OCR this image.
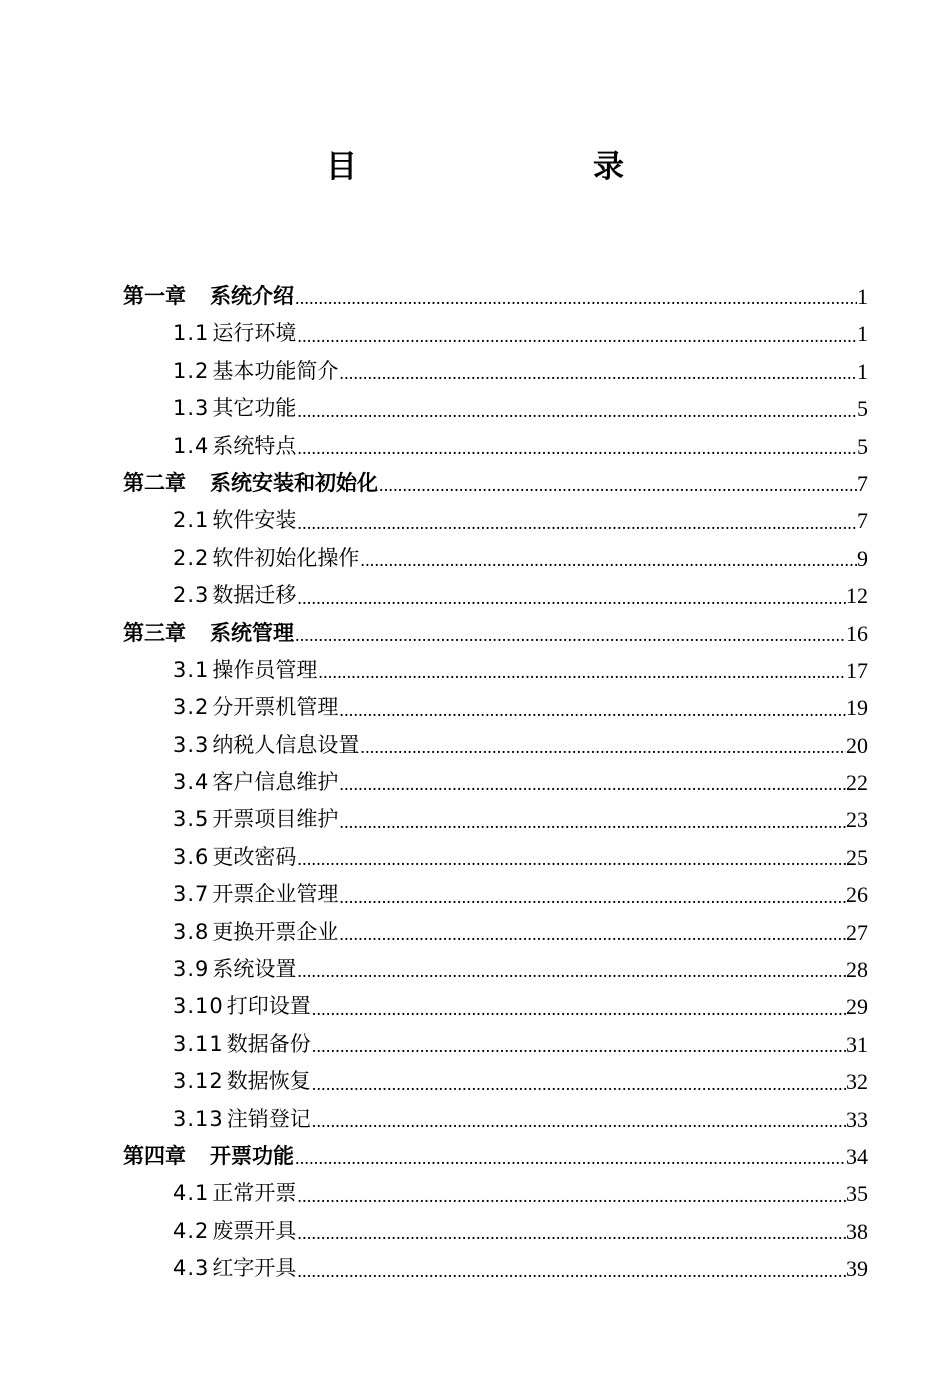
目　　录
第一章 系统介绍 .....	1
1.1 运行环境 .....	1
1.2 基本功能简介 .....	1
1.3 其它功能 .....	5
1.4 系统特点 .....	5
第二章 系统安装和初始化 .....	7
2.1 软件安装 .....	7
2.2 软件初始化操作 .....	9
2.3 数据迁移 .....	12
第三章 系统管理 .....	16
3.1 操作员管理 .....	17
3.2 分开票机管理 .....	19
3.3 纳税人信息设置 .....	20
3.4 客户信息维护 .....	22
3.5 开票项目维护 .....	23
3.6 更改密码 .....	25
3.7 开票企业管理 .....	26
3.8 更换开票企业 .....	27
3.9 系统设置 .....	28
3.10 打印设置 .....	29
3.11 数据备份 .....	31
3.12 数据恢复 .....	32
3.13 注销登记 .....	33
第四章 开票功能 .....	34
4.1 正常开票 .....	35
4.2 废票开具 .....	38
4.3 红字开具 .....	39
